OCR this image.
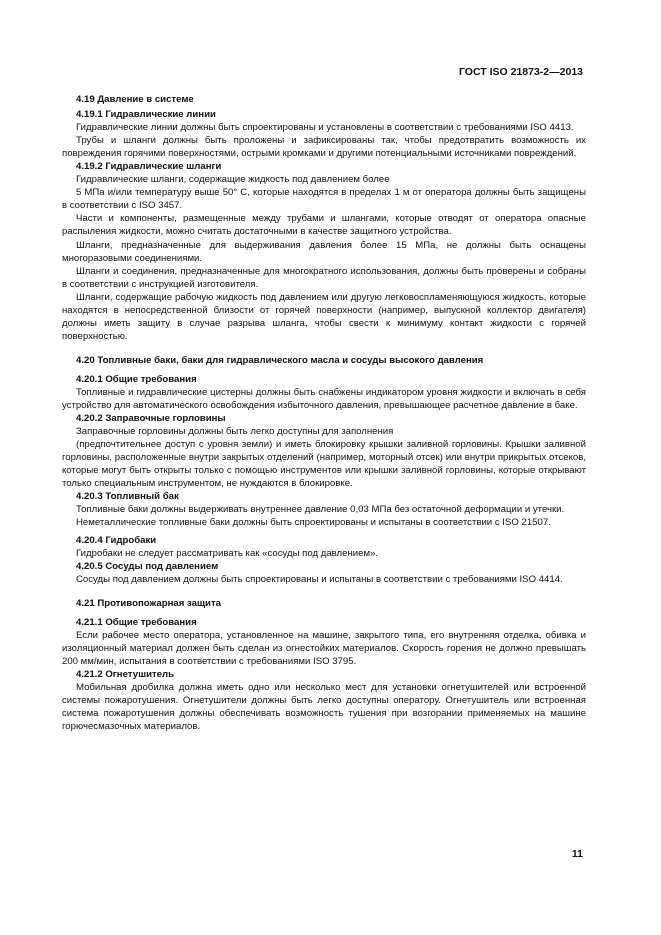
ГОСТ ISO 21873-2—2013
4.19 Давление в системе
4.19.1 Гидравлические линии

Гидравлические линии должны быть спроектированы и установлены в соответствии с требованиями ISO 4413.

Трубы и шланги должны быть проложены и зафиксированы так, чтобы предотвратить возможность их повреждения горячими поверхностями, острыми кромками и другими потенциальными источниками повреждений.

4.19.2 Гидравлические шланги

Гидравлические шланги, содержащие жидкость под давлением более

5 МПа и/или температуру выше 50° С, которые находятся в пределах 1 м от оператора должны быть защищены в соответствии с ISO 3457.

Части и компоненты, размещенные между трубами и шлангами, которые отводят от оператора опасные распыления жидкости, можно считать достаточными в качестве защитного устройства.

Шланги, предназначенные для выдерживания давления более 15 МПа, не должны быть оснащены многоразовыми соединениями.

Шланги и соединения, предназначенные для многократного использования, должны быть проверены и собраны в соответствии с инструкцией изготовителя.

Шланги, содержащие рабочую жидкость под давлением или другую легковоспламеняющуюся жидкость, которые находятся в непосредственной близости от горячей поверхности (например, выпускной коллектор двигателя) должны иметь защиту в случае разрыва шланга, чтобы свести к минимуму контакт жидкости с горячей поверхностью.

4.20 Топливные баки, баки для гидравлического масла и сосуды высокого давления
4.20.1 Общие требования

Топливные и гидравлические цистерны должны быть снабжены индикатором уровня жидкости и включать в себя устройство для автоматического освобождения избыточного давления, превышающее расчетное давление в баке.

4.20.2 Заправочные горловины

Заправочные горловины должны быть легко доступны для заполнения

(предпочтительнее доступ с уровня земли) и иметь блокировку крышки заливной горловины. Крышки заливной горловины, расположенные внутри закрытых отделений (например, моторный отсек) или внутри прикрытых отсеков, которые могут быть открыты только с помощью инструментов или крышки заливной горловины, которые открывают только специальным инструментом, не нуждаются в блокировке.

4.20.3 Топливный бак

Топливные баки должны выдерживать внутреннее давление 0,03 МПа без остаточной деформации и утечки.

Неметаллические топливные баки должны быть спроектированы и испытаны в соответствии с ISO 21507.

4.20.4 Гидробаки

Гидробаки не следует рассматривать как «сосуды под давлением».

4.20.5 Сосуды под давлением

Сосуды под давлением должны быть спроектированы и испытаны в соответствии с требованиями ISO 4414.

4.21 Противопожарная защита
4.21.1 Общие требования

Если рабочее место оператора, установленное на машине, закрытого типа, его внутренняя отделка, обивка и изоляционный материал должен быть сделан из огнестойких материалов. Скорость горения не должно превышать 200 мм/мин, испытания в соответствии с требованиями ISO 3795.

4.21.2 Огнетушитель

Мобильная дробилка должна иметь одно или несколько мест для установки огнетушителей или встроенной системы пожаротушения. Огнетушители должны быть легко доступны оператору. Огнетушитель или встроенная система пожаротушения должны обеспечивать возможность тушения при возгорании применяемых на машине горючесмазочных материалов.

11
